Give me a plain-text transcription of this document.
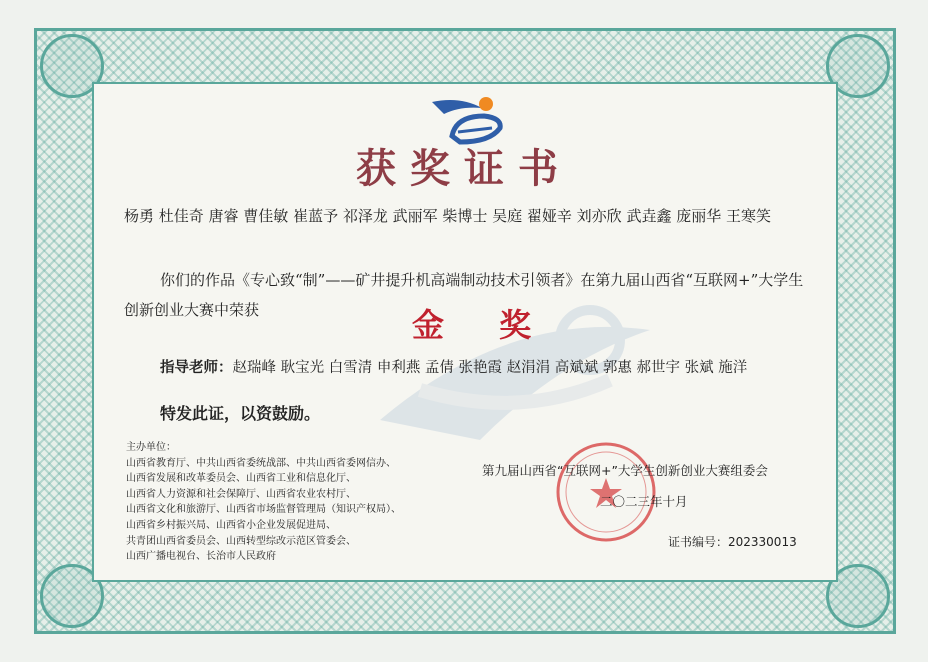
获奖证书
杨勇 杜佳奇 唐睿 曹佳敏 崔蓝予 祁泽龙 武丽军 柴博士 吴庭 翟娅辛 刘亦欣 武垚鑫 庞丽华 王寒笑
你们的作品《专心致“制”——矿井提升机高端制动技术引领者》在第九届山西省“互联网+”大学生创新创业大赛中荣获	金 奖
指导老师：赵瑞峰 耿宝光 白雪清 申利燕 孟倩 张艳霞 赵涓涓 高斌斌 郭惠 郝世宇 张斌 施洋
特发此证，以资鼓励。
主办单位：
山西省教育厅、中共山西省委统战部、中共山西省委网信办、
山西省发展和改革委员会、山西省工业和信息化厅、
山西省人力资源和社会保障厅、山西省农业农村厅、
山西省文化和旅游厅、山西省市场监督管理局（知识产权局）、
山西省乡村振兴局、山西省小企业发展促进局、
共青团山西省委员会、山西转型综改示范区管委会、
山西广播电视台、长治市人民政府
第九届山西省“互联网+”大学生创新创业大赛组委会
二〇二三年十月
证书编号：202330013
